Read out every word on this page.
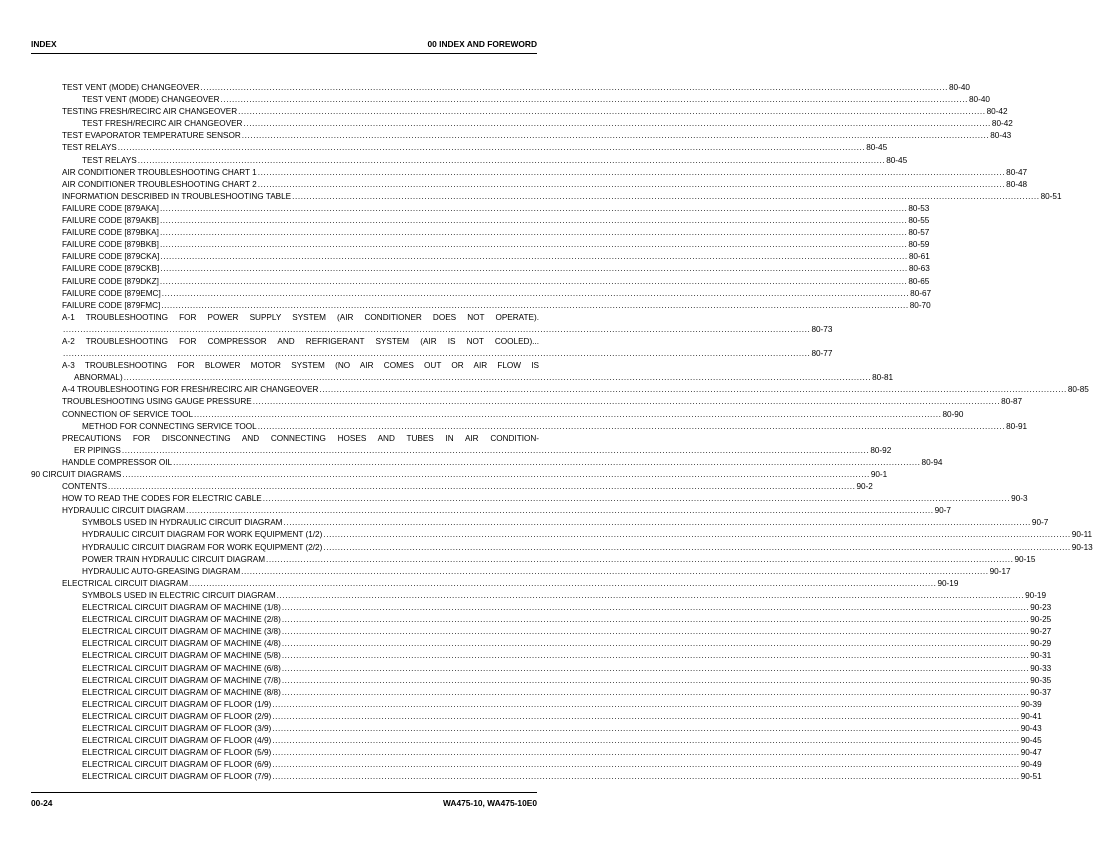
INDEX	00 INDEX AND FOREWORD
TEST VENT (MODE) CHANGEOVER .................................................................................................................................................................................................................................................................... 80-40
TEST VENT (MODE) CHANGEOVER .................................................................................................................................................................................................................................................................... 80-40
TESTING FRESH/RECIRC AIR CHANGEOVER .................................................................................................................................................................................................................................................................... 80-42
TEST FRESH/RECIRC AIR CHANGEOVER .................................................................................................................................................................................................................................................................... 80-42
TEST EVAPORATOR TEMPERATURE SENSOR .................................................................................................................................................................................................................................................................... 80-43
TEST RELAYS .................................................................................................................................................................................................................................................................... 80-45
TEST RELAYS .................................................................................................................................................................................................................................................................... 80-45
AIR CONDITIONER TROUBLESHOOTING CHART 1 .................................................................................................................................................................................................................................................................... 80-47
AIR CONDITIONER TROUBLESHOOTING CHART 2 .................................................................................................................................................................................................................................................................... 80-48
INFORMATION DESCRIBED IN TROUBLESHOOTING TABLE .................................................................................................................................................................................................................................................................... 80-51
FAILURE CODE [879AKA] .................................................................................................................................................................................................................................................................... 80-53
FAILURE CODE [879AKB] .................................................................................................................................................................................................................................................................... 80-55
FAILURE CODE [879BKA] .................................................................................................................................................................................................................................................................... 80-57
FAILURE CODE [879BKB] .................................................................................................................................................................................................................................................................... 80-59
FAILURE CODE [879CKA] .................................................................................................................................................................................................................................................................... 80-61
FAILURE CODE [879CKB] .................................................................................................................................................................................................................................................................... 80-63
FAILURE CODE [879DKZ] .................................................................................................................................................................................................................................................................... 80-65
FAILURE CODE [879EMC] .................................................................................................................................................................................................................................................................... 80-67
FAILURE CODE [879FMC] .................................................................................................................................................................................................................................................................... 80-70
A-1 TROUBLESHOOTING FOR POWER SUPPLY SYSTEM (AIR CONDITIONER DOES NOT OPERATE).
.................................................................................................................................................................................................................................................................... 80-73
A-2 TROUBLESHOOTING FOR COMPRESSOR AND REFRIGERANT SYSTEM (AIR IS NOT COOLED)...
.................................................................................................................................................................................................................................................................... 80-77
A-3 TROUBLESHOOTING FOR BLOWER MOTOR SYSTEM (NO AIR COMES OUT OR AIR FLOW IS
ABNORMAL) .................................................................................................................................................................................................................................................................... 80-81
A-4 TROUBLESHOOTING FOR FRESH/RECIRC AIR CHANGEOVER .................................................................................................................................................................................................................................................................... 80-85
TROUBLESHOOTING USING GAUGE PRESSURE .................................................................................................................................................................................................................................................................... 80-87
CONNECTION OF SERVICE TOOL .................................................................................................................................................................................................................................................................... 80-90
METHOD FOR CONNECTING SERVICE TOOL .................................................................................................................................................................................................................................................................... 80-91
PRECAUTIONS FOR DISCONNECTING AND CONNECTING HOSES AND TUBES IN AIR CONDITION-
ER PIPINGS .................................................................................................................................................................................................................................................................... 80-92
HANDLE COMPRESSOR OIL .................................................................................................................................................................................................................................................................... 80-94
90 CIRCUIT DIAGRAMS .................................................................................................................................................................................................................................................................... 90-1
CONTENTS .................................................................................................................................................................................................................................................................... 90-2
HOW TO READ THE CODES FOR ELECTRIC CABLE .................................................................................................................................................................................................................................................................... 90-3
HYDRAULIC CIRCUIT DIAGRAM .................................................................................................................................................................................................................................................................... 90-7
SYMBOLS USED IN HYDRAULIC CIRCUIT DIAGRAM .................................................................................................................................................................................................................................................................... 90-7
HYDRAULIC CIRCUIT DIAGRAM FOR WORK EQUIPMENT (1/2) .................................................................................................................................................................................................................................................................... 90-11
HYDRAULIC CIRCUIT DIAGRAM FOR WORK EQUIPMENT (2/2) .................................................................................................................................................................................................................................................................... 90-13
POWER TRAIN HYDRAULIC CIRCUIT DIAGRAM .................................................................................................................................................................................................................................................................... 90-15
HYDRAULIC AUTO-GREASING DIAGRAM .................................................................................................................................................................................................................................................................... 90-17
ELECTRICAL CIRCUIT DIAGRAM .................................................................................................................................................................................................................................................................... 90-19
SYMBOLS USED IN ELECTRIC CIRCUIT DIAGRAM .................................................................................................................................................................................................................................................................... 90-19
ELECTRICAL CIRCUIT DIAGRAM OF MACHINE (1/8) .................................................................................................................................................................................................................................................................... 90-23
ELECTRICAL CIRCUIT DIAGRAM OF MACHINE (2/8) .................................................................................................................................................................................................................................................................... 90-25
ELECTRICAL CIRCUIT DIAGRAM OF MACHINE (3/8) .................................................................................................................................................................................................................................................................... 90-27
ELECTRICAL CIRCUIT DIAGRAM OF MACHINE (4/8) .................................................................................................................................................................................................................................................................... 90-29
ELECTRICAL CIRCUIT DIAGRAM OF MACHINE (5/8) .................................................................................................................................................................................................................................................................... 90-31
ELECTRICAL CIRCUIT DIAGRAM OF MACHINE (6/8) .................................................................................................................................................................................................................................................................... 90-33
ELECTRICAL CIRCUIT DIAGRAM OF MACHINE (7/8) .................................................................................................................................................................................................................................................................... 90-35
ELECTRICAL CIRCUIT DIAGRAM OF MACHINE (8/8) .................................................................................................................................................................................................................................................................... 90-37
ELECTRICAL CIRCUIT DIAGRAM OF FLOOR (1/9) .................................................................................................................................................................................................................................................................... 90-39
ELECTRICAL CIRCUIT DIAGRAM OF FLOOR (2/9) .................................................................................................................................................................................................................................................................... 90-41
ELECTRICAL CIRCUIT DIAGRAM OF FLOOR (3/9) .................................................................................................................................................................................................................................................................... 90-43
ELECTRICAL CIRCUIT DIAGRAM OF FLOOR (4/9) .................................................................................................................................................................................................................................................................... 90-45
ELECTRICAL CIRCUIT DIAGRAM OF FLOOR (5/9) .................................................................................................................................................................................................................................................................... 90-47
ELECTRICAL CIRCUIT DIAGRAM OF FLOOR (6/9) .................................................................................................................................................................................................................................................................... 90-49
ELECTRICAL CIRCUIT DIAGRAM OF FLOOR (7/9) .................................................................................................................................................................................................................................................................... 90-51
00-24	WA475-10, WA475-10E0
